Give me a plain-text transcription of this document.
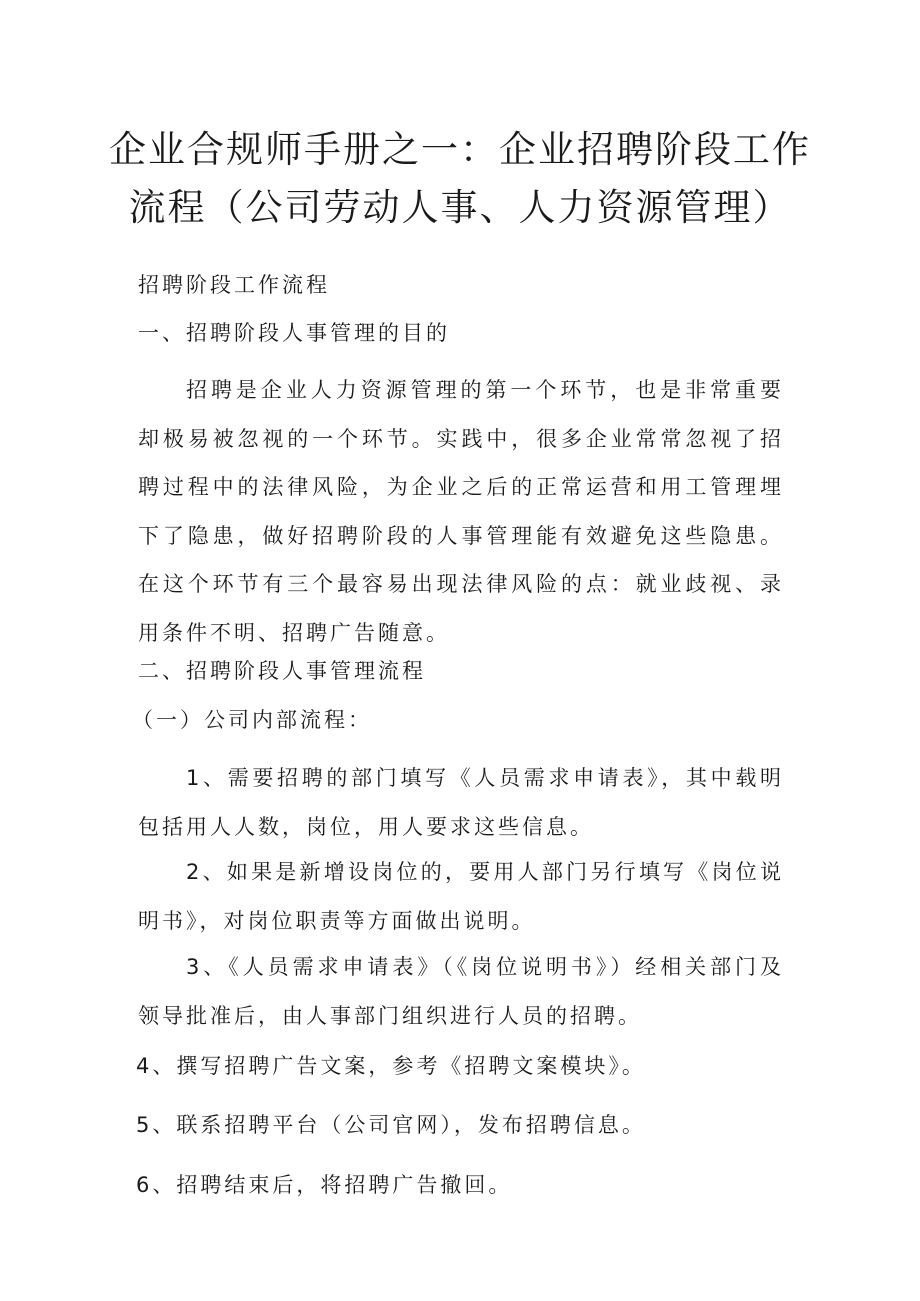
企业合规师手册之一：企业招聘阶段工作
流程（公司劳动人事、人力资源管理）
招聘阶段工作流程
一、招聘阶段人事管理的目的
招聘是企业人力资源管理的第一个环节，也是非常重要却极易被忽视的一个环节。实践中，很多企业常常忽视了招聘过程中的法律风险，为企业之后的正常运营和用工管理埋下了隐患，做好招聘阶段的人事管理能有效避免这些隐患。在这个环节有三个最容易出现法律风险的点：就业歧视、录用条件不明、招聘广告随意。
二、招聘阶段人事管理流程
（一）公司内部流程：
1、需要招聘的部门填写《人员需求申请表》，其中载明包括用人人数，岗位，用人要求这些信息。
2、如果是新增设岗位的，要用人部门另行填写《岗位说明书》，对岗位职责等方面做出说明。
3、《人员需求申请表》（《岗位说明书》）经相关部门及领导批准后，由人事部门组织进行人员的招聘。
4、撰写招聘广告文案，参考《招聘文案模块》。
5、联系招聘平台（公司官网），发布招聘信息。
6、招聘结束后，将招聘广告撤回。
